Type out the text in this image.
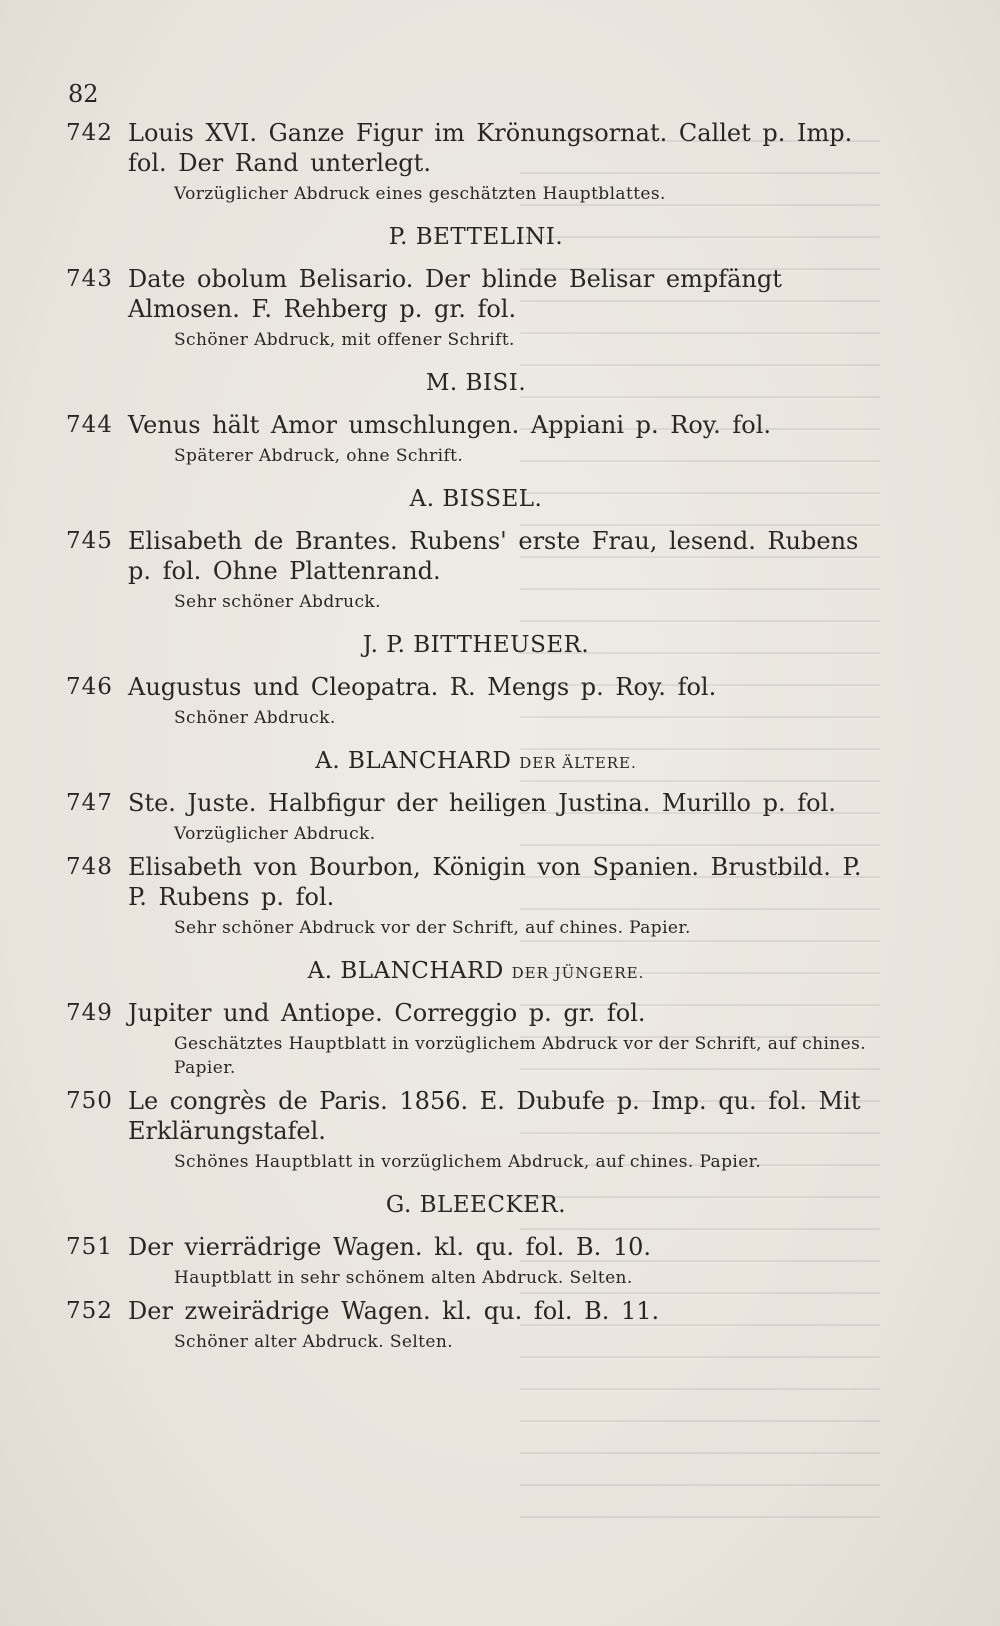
82
742 Louis XVI. Ganze Figur im Krönungsornat. Callet p. Imp. fol. Der Rand unterlegt.
Vorzüglicher Abdruck eines geschätzten Hauptblattes.
P. BETTELINI.
743 Date obolum Belisario. Der blinde Belisar empfängt Almosen. F. Rehberg p. gr. fol.
Schöner Abdruck, mit offener Schrift.
M. BISI.
744 Venus hält Amor umschlungen. Appiani p. Roy. fol.
Späterer Abdruck, ohne Schrift.
A. BISSEL.
745 Elisabeth de Brantes. Rubens' erste Frau, lesend. Rubens p. fol. Ohne Plattenrand.
Sehr schöner Abdruck.
J. P. BITTHEUSER.
746 Augustus und Cleopatra. R. Mengs p. Roy. fol.
Schöner Abdruck.
A. BLANCHARD DER ÄLTERE.
747 Ste. Juste. Halbfigur der heiligen Justina. Murillo p. fol.
Vorzüglicher Abdruck.
748 Elisabeth von Bourbon, Königin von Spanien. Brustbild. P. P. Rubens p. fol.
Sehr schöner Abdruck vor der Schrift, auf chines. Papier.
A. BLANCHARD DER JÜNGERE.
749 Jupiter und Antiope. Correggio p. gr. fol.
Geschätztes Hauptblatt in vorzüglichem Abdruck vor der Schrift, auf chines. Papier.
750 Le congrès de Paris. 1856. E. Dubufe p. Imp. qu. fol. Mit Erklärungstafel.
Schönes Hauptblatt in vorzüglichem Abdruck, auf chines. Papier.
G. BLEECKER.
751 Der vierrädrige Wagen. kl. qu. fol. B. 10.
Hauptblatt in sehr schönem alten Abdruck. Selten.
752 Der zweirädrige Wagen. kl. qu. fol. B. 11.
Schöner alter Abdruck. Selten.
